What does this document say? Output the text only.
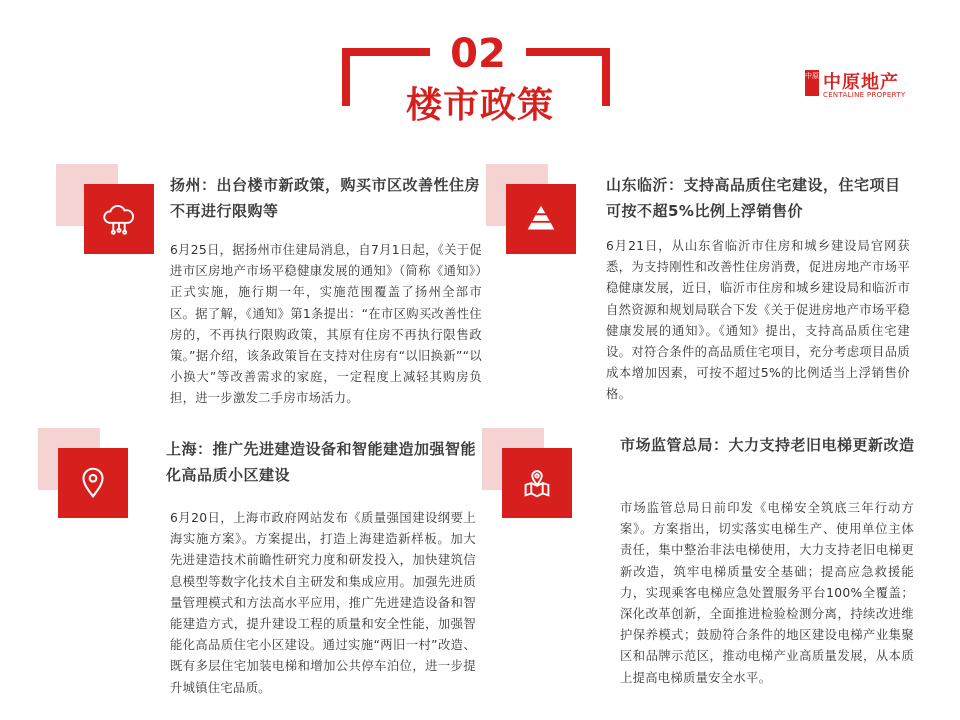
02
楼市政策
中原 中原地产
CENTALINE PROPERTY
扬州：出台楼市新政策，购买市区改善性住房不再进行限购等
6月25日，据扬州市住建局消息，自7月1日起，《关于促进市区房地产市场平稳健康发展的通知》（简称《通知》）正式实施，施行期一年，实施范围覆盖了扬州全部市区。据了解，《通知》第1条提出：“在市区购买改善性住房的，不再执行限购政策，其原有住房不再执行限售政策。”据介绍，该条政策旨在支持对住房有“以旧换新”“以小换大”等改善需求的家庭，一定程度上减轻其购房负担，进一步激发二手房市场活力。
山东临沂：支持高品质住宅建设，住宅项目可按不超5%比例上浮销售价
6月21日，从山东省临沂市住房和城乡建设局官网获悉，为支持刚性和改善性住房消费，促进房地产市场平稳健康发展，近日，临沂市住房和城乡建设局和临沂市自然资源和规划局联合下发《关于促进房地产市场平稳健康发展的通知》。《通知》提出，支持高品质住宅建设。对符合条件的高品质住宅项目，充分考虑项目品质成本增加因素，可按不超过5%的比例适当上浮销售价格。
上海：推广先进建造设备和智能建造加强智能化高品质小区建设
6月20日，上海市政府网站发布《质量强国建设纲要上海实施方案》。方案提出，打造上海建造新样板。加大先进建造技术前瞻性研究力度和研发投入，加快建筑信息模型等数字化技术自主研发和集成应用。加强先进质量管理模式和方法高水平应用，推广先进建造设备和智能建造方式，提升建设工程的质量和安全性能，加强智能化高品质住宅小区建设。通过实施“两旧一村”改造、既有多层住宅加装电梯和增加公共停车泊位，进一步提升城镇住宅品质。
市场监管总局：大力支持老旧电梯更新改造
市场监管总局日前印发《电梯安全筑底三年行动方案》。方案指出，切实落实电梯生产、使用单位主体责任，集中整治非法电梯使用，大力支持老旧电梯更新改造，筑牢电梯质量安全基础；提高应急救援能力，实现乘客电梯应急处置服务平台100%全覆盖；深化改革创新，全面推进检验检测分离，持续改进维护保养模式；鼓励符合条件的地区建设电梯产业集聚区和品牌示范区，推动电梯产业高质量发展，从本质上提高电梯质量安全水平。
